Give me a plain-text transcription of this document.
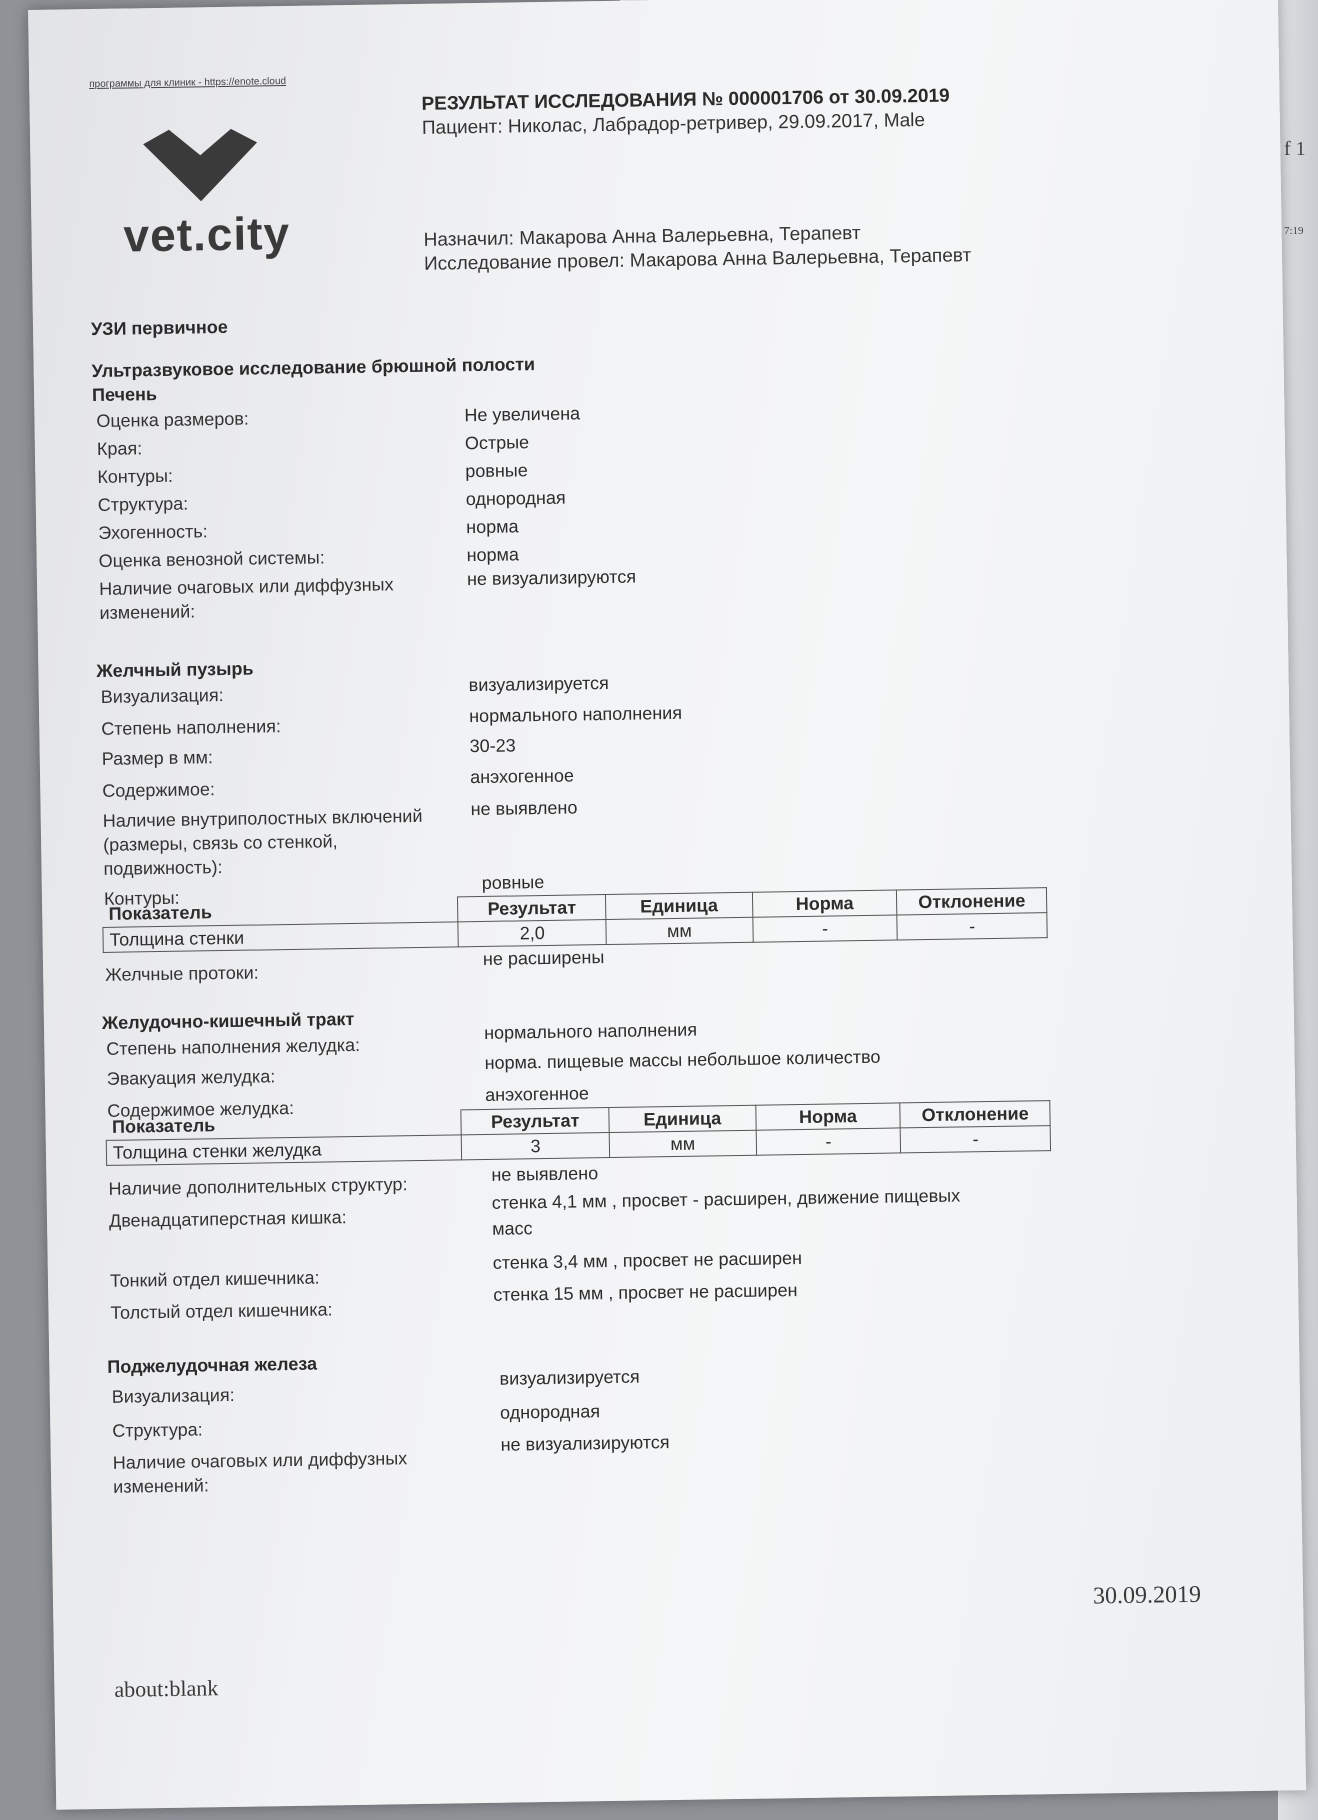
f 1
7:19
программы для клиник - https://enote.cloud
vet.city
РЕЗУЛЬТАТ ИССЛЕДОВАНИЯ № 000001706 от 30.09.2019
Пациент: Николас, Лабрадор-ретривер, 29.09.2017, Male
Назначил: Макарова Анна Валерьевна, Терапевт
Исследование провел: Макарова Анна Валерьевна, Терапевт
УЗИ первичное
Ультразвуковое исследование брюшной полости
Печень
Оценка размеров:	Не увеличена
Края:	Острые
Контуры:	ровные
Структура:	однородная
Эхогенность:	норма
Оценка венозной системы:	норма
Наличие очаговых или диффузных	не визуализируются
изменений:
Желчный пузырь
Визуализация:
визуализируется
Степень наполнения:
нормального наполнения
Размер в мм:
30-23
Содержимое:
анэхогенное
Наличие внутриполостных включений	не выявлено
(размеры, связь со стенкой,
подвижность):
Контуры:
ровные
Показатель	Результат	Единица	Норма	Отклонение
Толщина стенки	2,0	мм	-	-
Желчные протоки:
не расширены
Желудочно-кишечный тракт
Степень наполнения желудка:
нормального наполнения
Эвакуация желудка:
норма. пищевые массы небольшое количество
Содержимое желудка:
анэхогенное
Показатель	Результат	Единица	Норма	Отклонение
Толщина стенки желудка	3	мм	-	-
Наличие дополнительных структур:
не выявлено
Двенадцатиперстная кишка:
стенка 4,1 мм , просвет - расширен, движение пищевых
масс
Тонкий отдел кишечника:
стенка 3,4 мм , просвет не расширен
Толстый отдел кишечника:
стенка 15 мм , просвет не расширен
Поджелудочная железа
Визуализация:
визуализируется
Структура:
однородная
Наличие очаговых или диффузных
не визуализируются
изменений:
30.09.2019
about:blank
